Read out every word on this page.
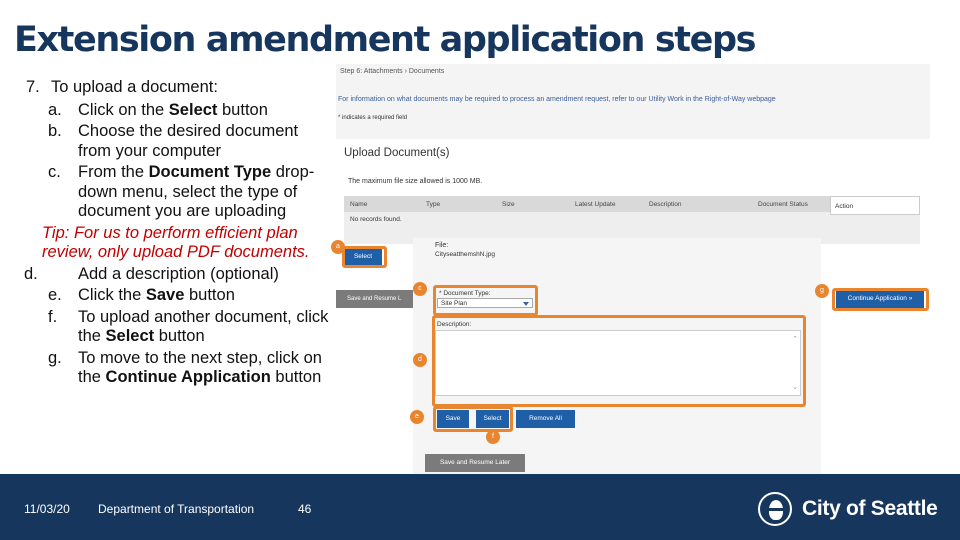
Extension amendment application steps
7. To upload a document:
a. Click on the Select button
b. Choose the desired document from your computer
c. From the Document Type drop-down menu, select the type of document you are uploading
Tip: For us to perform efficient plan review, only upload PDF documents.
d. Add a description (optional)
e. Click the Save button
f. To upload another document, click the Select button
g. To move to the next step, click on the Continue Application button
Step 6: Attachments › Documents
For information on what documents may be required to process an amendment request, refer to our Utility Work in the Right-of-Way webpage
* indicates a required field
Upload Document(s)
The maximum file size allowed is 1000 MB.
Name	Type	Size	Latest Update	Description	Document Status	Action
No records found.
Select
Save and Resume L	Continue Application »
File:
CityseatthemshN.jpg
* Document Type:
Site Plan
Description:
⌃
⌄
Save	Select	Remove All
Save and Resume Later
a
c
d
e
f
g
11/03/20 Department of Transportation	46	City of Seattle
